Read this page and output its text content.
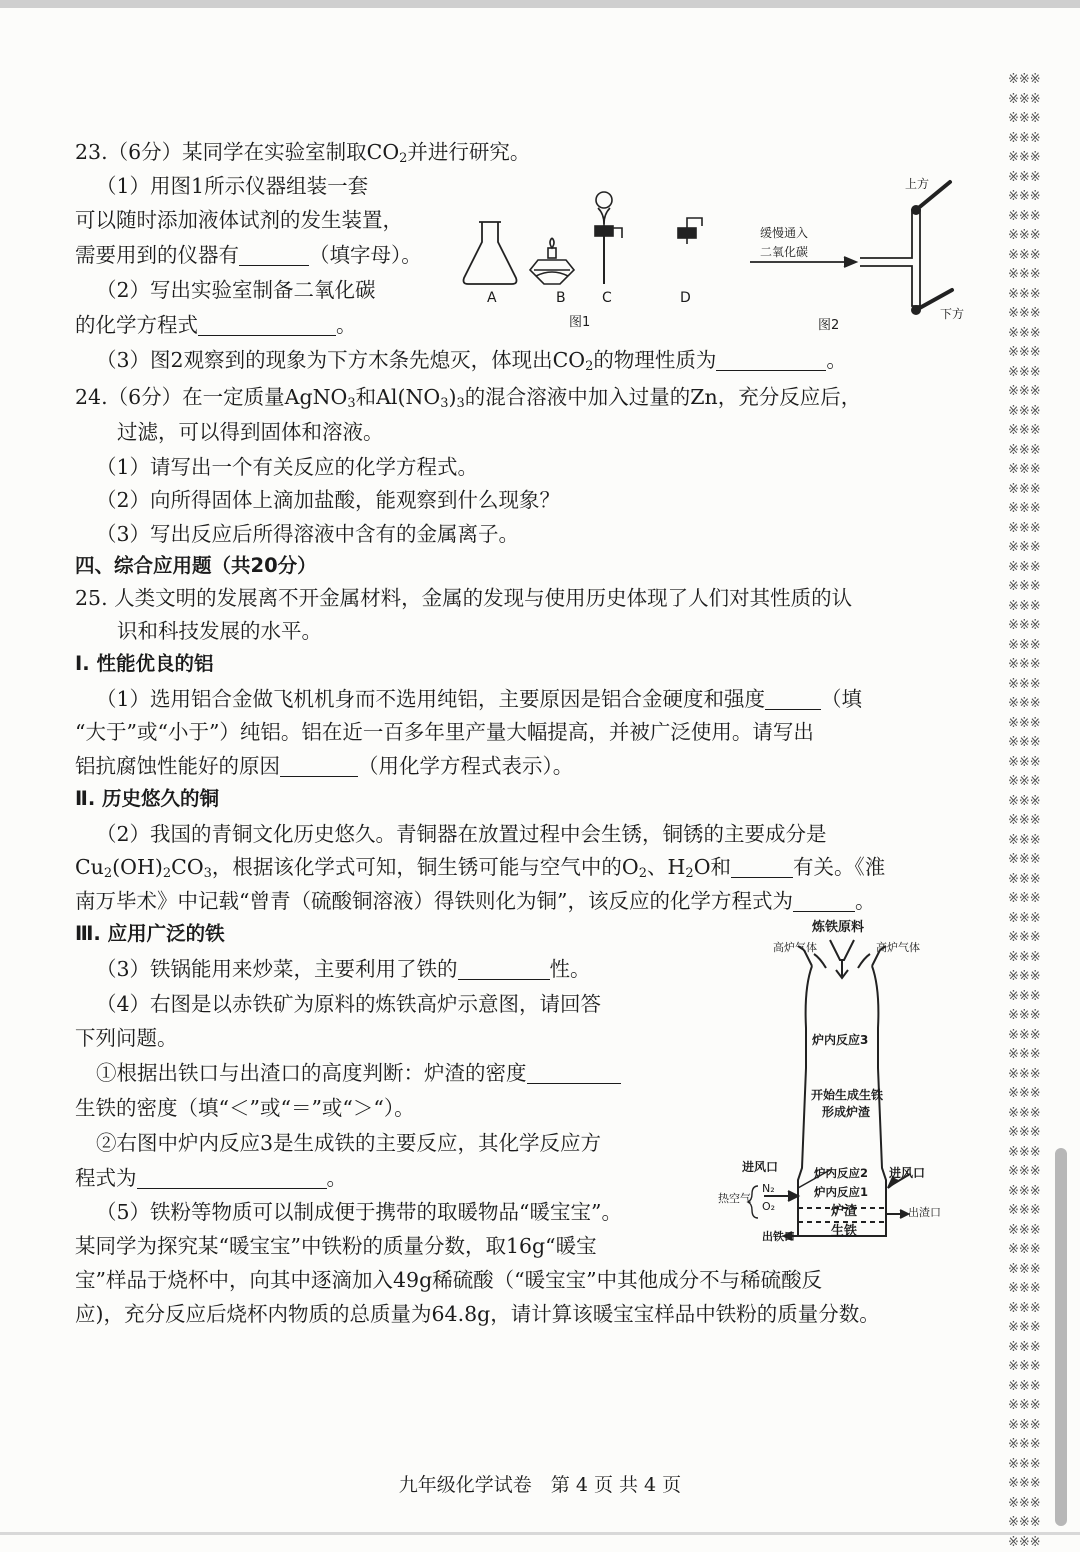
※※※
※※※
※※※
※※※
※※※
※※※
※※※
※※※
※※※
※※※
※※※
※※※
※※※
※※※
※※※
※※※
※※※
※※※
※※※
※※※
※※※
※※※
※※※
※※※
※※※
※※※
※※※
※※※
※※※
※※※
※※※
※※※
※※※
※※※
※※※
※※※
※※※
※※※
※※※
※※※
※※※
※※※
※※※
※※※
※※※
※※※
※※※
※※※
※※※
※※※
※※※
※※※
※※※
※※※
※※※
※※※
※※※
※※※
※※※
※※※
※※※
※※※
※※※
※※※
※※※
※※※
※※※
※※※
※※※
※※※
※※※
※※※
※※※
※※※
※※※
※※※
23.（6分）某同学在实验室制取$CO_2$并进行研究。
（1）用图1所示仪器组装一套
可以随时添加液体试剂的发生装置，
需要用到的仪器有	（填字母）。
（2）写出实验室制备二氧化碳
的化学方程式	。
（3）图2观察到的现象为下方木条先熄灭，体现出$CO_2$的物理性质为	。
A	B	C	D
图1
上方
下方
缓慢通入
二氧化碳
图2
24.（6分）在一定质量AgNO$_3$和$Al(NO_3)_3$的混合溶液中加入过量的Zn，充分反应后，
过滤，可以得到固体和溶液。
（1）请写出一个有关反应的化学方程式。
（2）向所得固体上滴加盐酸，能观察到什么现象？
（3）写出反应后所得溶液中含有的金属离子。
四、综合应用题（共20分）
25. 人类文明的发展离不开金属材料，金属的发现与使用历史体现了人们对其性质的认
识和科技发展的水平。
Ⅰ. 性能优良的铝
（1）选用铝合金做飞机机身而不选用纯铝，主要原因是铝合金硬度和强度	（填
“大于”或“小于”）纯铝。铝在近一百多年里产量大幅提高，并被广泛使用。请写出
铝抗腐蚀性能好的原因	（用化学方程式表示）。
Ⅱ. 历史悠久的铜
（2）我国的青铜文化历史悠久。青铜器在放置过程中会生锈，铜锈的主要成分是
$Cu_2(OH)_2CO_3$，根据该化学式可知，铜生锈可能与空气中的$O_2$、$H_2O$和	有关。《淮
南万毕术》中记载“曾青（硫酸铜溶液）得铁则化为铜”，该反应的化学方程式为	。
Ⅲ. 应用广泛的铁
（3）铁锅能用来炒菜，主要利用了铁的	性。
（4）右图是以赤铁矿为原料的炼铁高炉示意图，请回答
下列问题。
①根据出铁口与出渣口的高度判断：炉渣的密度
生铁的密度（填“＜”或“＝”或“＞“）。
②右图中炉内反应3是生成铁的主要反应，其化学反应方
程式为	。
（5）铁粉等物质可以制成便于携带的取暖物品“暖宝宝”。
某同学为探究某“暖宝宝”中铁粉的质量分数，取16g“暖宝
宝”样品于烧杯中，向其中逐滴加入49g稀硫酸（“暖宝宝”中其他成分不与稀硫酸反
应)，充分反应后烧杯内物质的总质量为64.8g，请计算该暖宝宝样品中铁粉的质量分数。
炼铁原料
高炉气体	高炉气体
炉内反应3
开始生成生铁
形成炉渣
进风口	进风口
炉内反应2
炉内反应1
热空气
N₂
O₂	炉渣
生铁
出渣口
出铁口
九年级化学试卷　第 4 页 共 4 页
